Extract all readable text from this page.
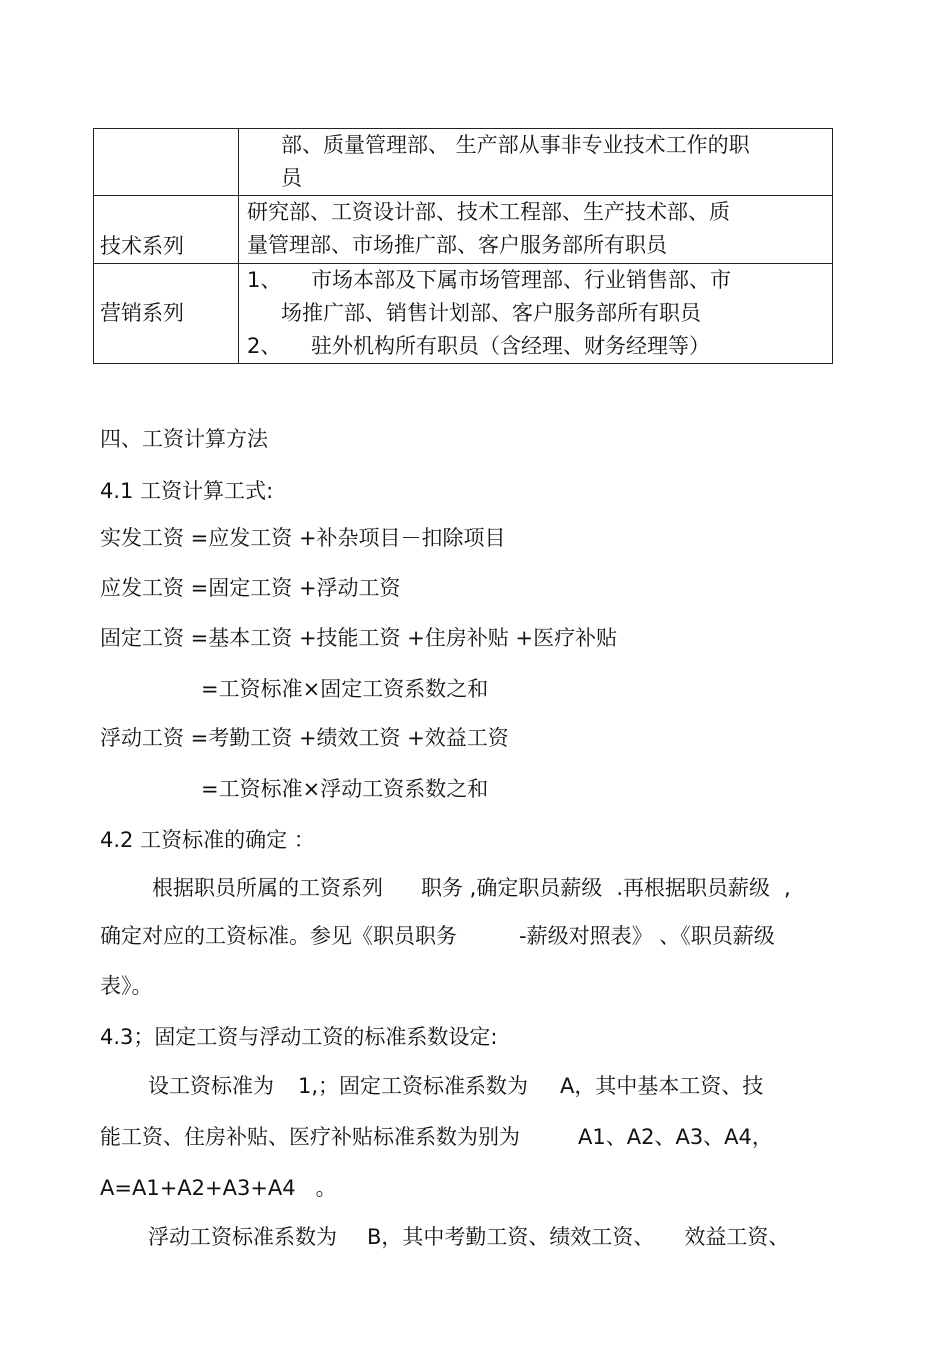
	部、质量管理部、 生产部从事非专业技术工作的职
员

技术系列	研究部、工资设计部、技术工程部、生产技术部、质
量管理部、市场推广部、客户服务部所有职员

营销系列	1、 市场本部及下属市场管理部、行业销售部、市
场推广部、销售计划部、客户服务部所有职员
2、 驻外机构所有职员（含经理、财务经理等）
四、工资计算方法
4.1 工资计算工式:
实发工资 =应发工资 +补杂项目－扣除项目
应发工资 =固定工资 +浮动工资
固定工资 =基本工资 +技能工资 +住房补贴 +医疗补贴
=工资标准×固定工资系数之和
浮动工资 =考勤工资 +绩效工资 +效益工资
=工资标准×浮动工资系数之和
4.2 工资标准的确定 ：
根据职员所属的工资系列 职务 ,确定职员薪级 .再根据职员薪级 ,
确定对应的工资标准。参见《职员职务	-薪级对照表》 、《职员薪级
表》。
4.3；固定工资与浮动工资的标准系数设定:
设工资标准为 1,；固定工资标准系数为 A，其中基本工资、技
能工资、住房补贴、医疗补贴标准系数为别为	A1、A2、A3、A4，
A=A1+A2+A3+A4 。
浮动工资标准系数为 B，其中考勤工资、绩效工资、 效益工资、
